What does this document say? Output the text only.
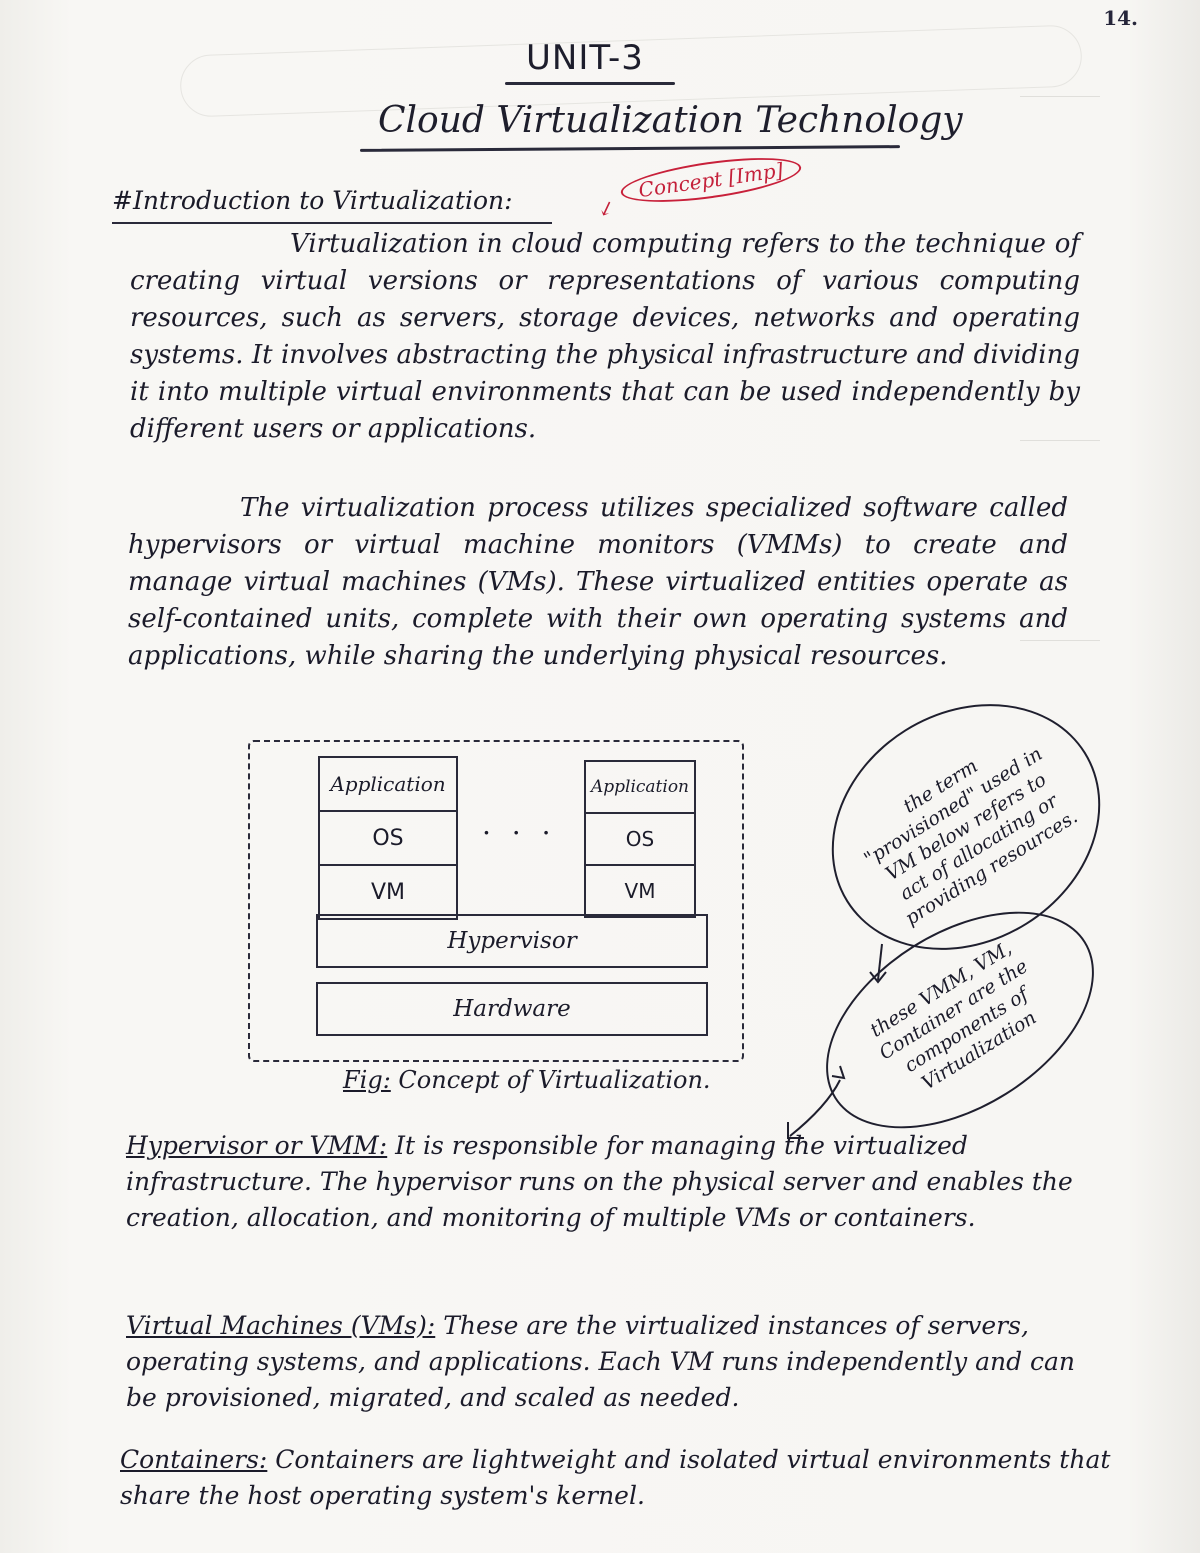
14.
UNIT-3
Cloud Virtualization Technology
#Introduction to Virtualization:	Concept [Imp]
↙
Virtualization in cloud computing refers to the technique of creating virtual versions or representations of various computing resources, such as servers, storage devices, networks and operating systems. It involves abstracting the physical infrastructure and dividing it into multiple virtual environments that can be used independently by different users or applications.
The virtualization process utilizes specialized software called hypervisors or virtual machine monitors (VMMs) to create and manage virtual machines (VMs). These virtualized entities operate as self-contained units, complete with their own operating systems and applications, while sharing the underlying physical resources.
Application
OS
VM
. . .
Application
OS
VM
Hypervisor
Hardware
Fig: Concept of Virtualization.
the term "provisioned" used in VM below refers to act of allocating or providing resources.
these VMM, VM, Container are the components of Virtualization
Hypervisor or VMM: It is responsible for managing the virtualized infrastructure. The hypervisor runs on the physical server and enables the creation, allocation, and monitoring of multiple VMs or containers.
Virtual Machines (VMs): These are the virtualized instances of servers, operating systems, and applications. Each VM runs independently and can be provisioned, migrated, and scaled as needed.
Containers: Containers are lightweight and isolated virtual environments that share the host operating system's kernel.
